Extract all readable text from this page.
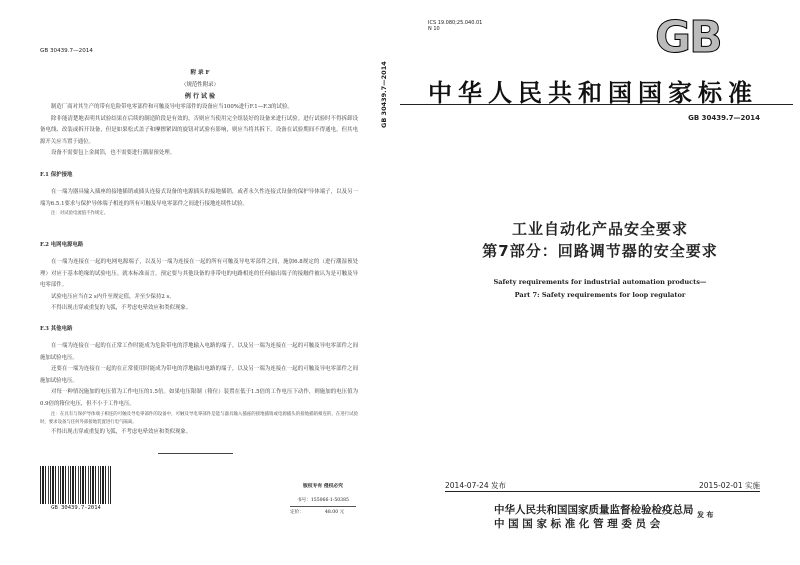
GB 30439.7—2014
附 录 F
（规范性附录）
例 行 试 验
制造厂商对其生产的带有危险带电零部件和可触及导电零部件的设备应当100%进行F.1—F.3的试验。
除非能清楚地表明其试验结果在后续的制造阶段是有效的，否则应当使用完全组装好的设备来进行试验。进行试验时不得拆卸设备电线、改装或拆开设备，但是如果松式盖子和摩擦紧固的旋钮对试验有影响，则应当将其拆下。设备在试验期间不得通电，但其电源开关应当置于通位。
设备不需要包上金属箔，也不需要进行潮湿预处理。
F.1 保护接地
在一端为器具输入插座的接地插销或插头连接式设备的电源插头的接地插销，或者永久性连接式设备的保护导体端子，以及另一端为6.5.1要求与保护导体端子相连的所有可触及导电零部件之间进行接地连续性试验。
注：对试验电流值不作规定。
F.2 电网电源电路
在一端为连接在一起的电网电源端子，以及另一端为连接在一起的所有可触及导电零部件之间，施加6.8规定的（进行潮湿预处理）对应于基本绝缘的试验电压。就本标准而言，预定要与其他设备的非带电的电路相连的任何输出端子的接触件被认为是可触及导电零部件。
试验电压应当在2 s内升至规定值，并至少保持2 s。
不得出现击穿或重复的飞弧，不考虑电晕效应和类似现象。
F.3 其他电路
在一端为连接在一起的在正常工作时能成为危险带电的浮地输入电路的端子，以及另一端为连接在一起的可触及导电零部件之间施加试验电压。
还要在一端为连接在一起的在正常使用时能成为带电的浮地输出电路的端子，以及另一端为连接在一起的可触及导电零部件之间施加试验电压。
对每一种情况施加的电压值为工作电压的1.5倍。如果电压限制（箝位）装置在低于1.5倍的工作电压下动作，则施加的电压值为0.9倍的箝位电压，但不小于工作电压。
注：在具有与保护导体端子相连的可触及导电零部件的设备中，可触及导电零部件是能与器具输入插座的接地插销或电源插头的接地插销相连的，在进行试验时，要求设备与任何外部接地装置进行电气隔离。
不得出现击穿或重复的飞弧，不考虑电晕效应和类似现象。
GB 30439.7-2014
版权专有 侵权必究
书号：155066·1-50385
定价：	48.00 元
GB 30439.7—2014
ICS 19.080;25.040.01
N 10	GB
中华人民共和国国家标准
GB 30439.7—2014
工业自动化产品安全要求
第7部分：回路调节器的安全要求
Safety requirements for industrial automation products—
Part 7: Safety requirements for loop regulator
2014-07-24 发布	2015-02-01 实施
中华人民共和国国家质量监督检验检疫总局
中 国 国 家 标 准 化 管 理 委 员 会
发 布
